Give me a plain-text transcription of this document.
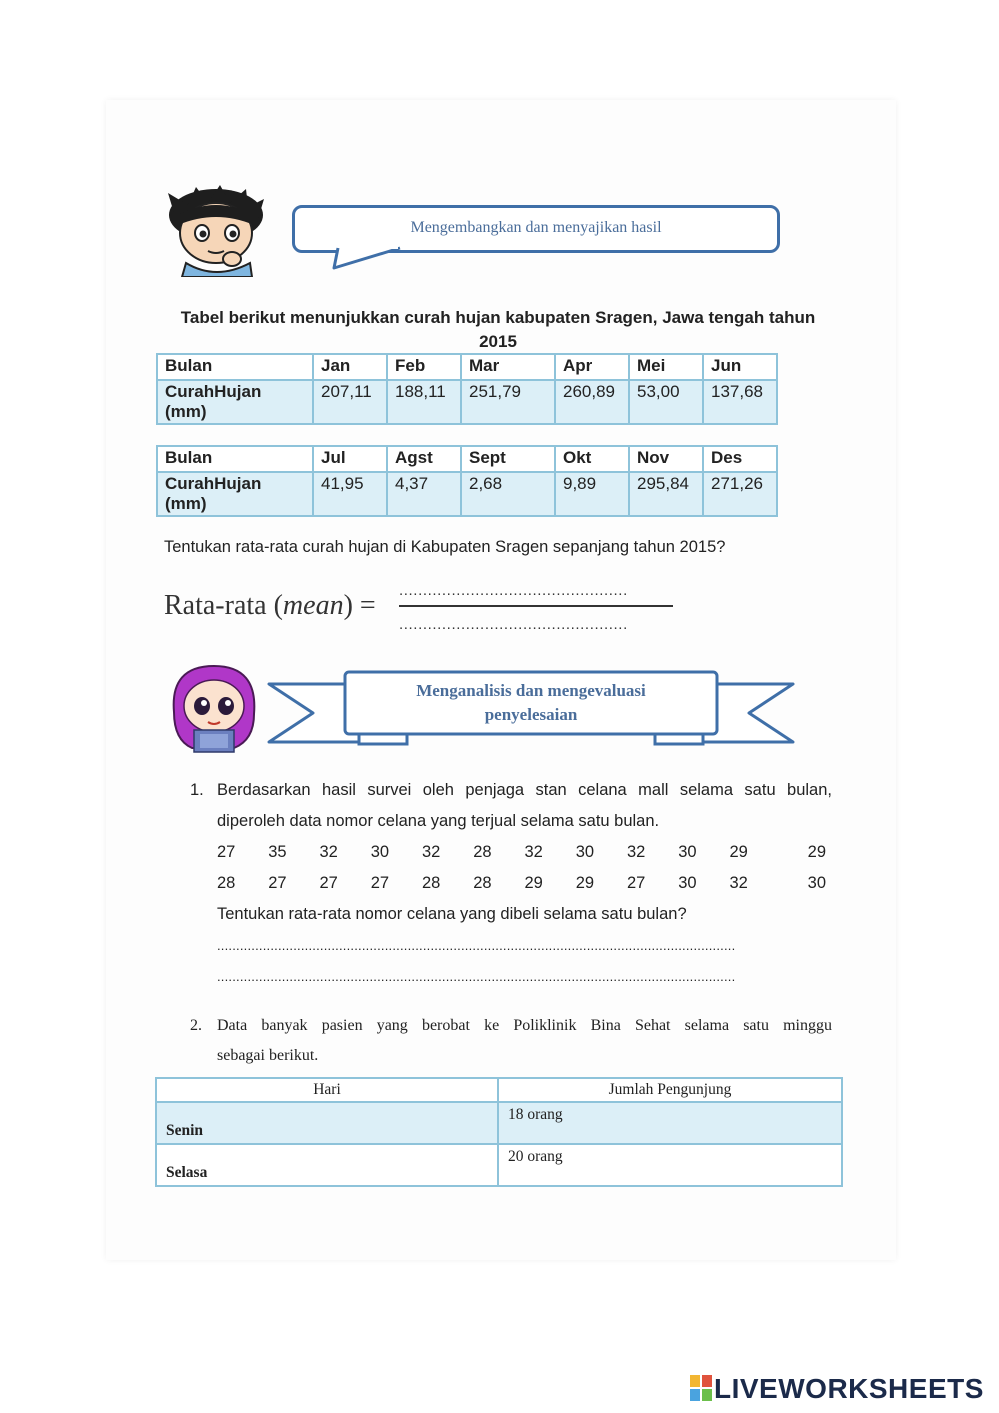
Mengembangkan dan menyajikan hasil
Tabel berikut menunjukkan curah hujan kabupaten Sragen, Jawa tengah tahun
2015
Bulan	Jan	Feb	Mar	Apr	Mei	Jun
CurahHujan
(mm)	207,11	188,11	251,79	260,89	53,00	137,68
Bulan	Jul	Agst	Sept	Okt	Nov	Des
CurahHujan
(mm)	41,95	4,37	2,68	9,89	295,84	271,26
Tentukan rata-rata curah hujan di Kabupaten Sragen sepanjang tahun 2015?
Rata-rata (mean) = ................................................
................................................
Menganalisis dan mengevaluasi
penyelesaian
1. Berdasarkan hasil survei oleh penjaga stan celana mall selama satu bulan,
diperoleh data nomor celana yang terjual selama satu bulan.
27	35	32	30	32	28	32	30	32	30	29	29
28	27	27	27	28	28	29	29	27	30	32	30
Tentukan rata-rata nomor celana yang dibeli selama satu bulan?
........................................................................................................................................
........................................................................................................................................
2. Data banyak pasien yang berobat ke Poliklinik Bina Sehat selama satu minggu
sebagai berikut.
Hari	Jumlah Pengunjung

Senin	18 orang

Selasa	20 orang
LIVEWORKSHEETS
